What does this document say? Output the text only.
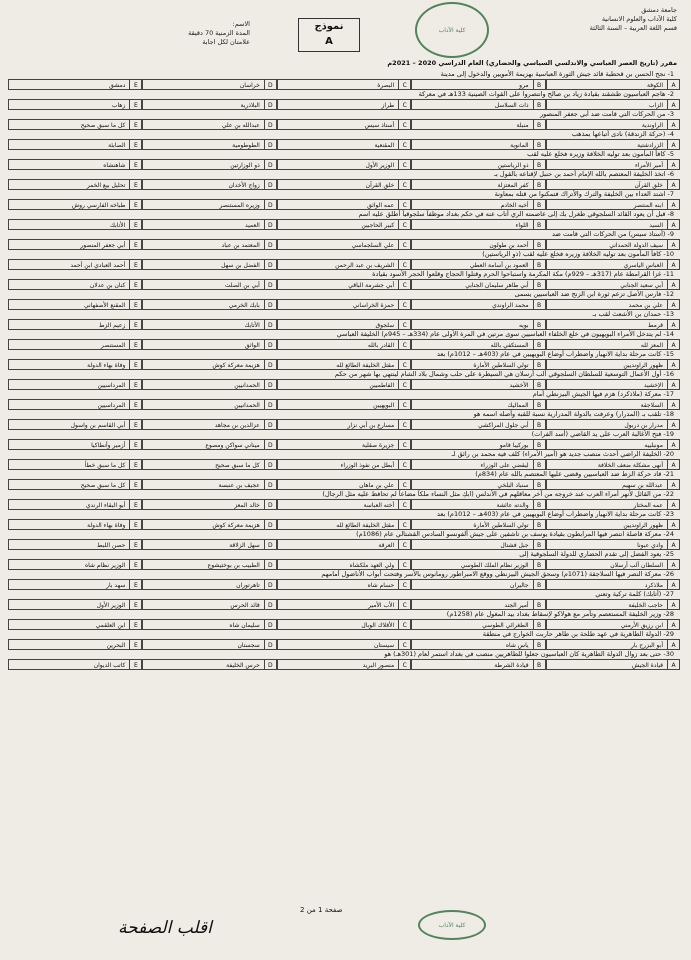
جامعة دمشق
كلية الآداب والعلوم الانسانية
قسم اللغة العربية – السنة الثالثة
كلية الآداب
نموذج
A
الاسم:
المدة الزمنية 70 دقيقة
علامتان لكل اجابة
مقرر (تاريخ العصر العباسي والاندلسي السياسي والحضاري) العام الدراسي 2020 – 2021م
1- نجح الحسن بن قحطبة قائد جيش الثورة العباسية بهزيمة الأمويين والدخول إلى مدينة
A
الكوفة
B
مرو
C
البصرة
D
خراسان
E
دمشق
2- هاجم العباسيون طشقند بقيادة زياد بن صالح وانتصروا على القوات الصينية 133هـ في معركة
A
الزاب
B
ذات السلاسل
C
طراز
D
البلاذرية
E
زهاب
3- من الحركات التي قامت ضد أبي جعفر المنصور
A
الراوندية
B
منبلة
C
أستاذ سيس
D
عبدالله بن علي
E
كل ما سبق صحيح
4- (حركة الزندقة) نادى أتباعها بمذهب
A
الزرادشتية
B
المانوية
C
المقنعية
D
الطوطومية
E
الصابئة
5- كافأ المأمون بعد توليه الخلافة وزيره فخلع عليه لقب
A
أمير الأمراء
B
ذو الرياستين
C
الوزير الأول
D
ذو الوزارتين
E
شاهنشاه
6- اتخذ الخليفة المعتصم بالله الإمام أحمد بن حنبل لإقناعه بالقول بـ
A
خلق القرآن
B
كفر المعتزلة
C
خلق القرآن
D
زواج الأخدان
E
تحليل بيع الخمر
7- اشتد العداء بين الخليفة والترك والأتراك فتمكنوا من قتله بمعاونة
A
ابنه المنتصر
B
أخيه الخادم
C
عمه الواثق
D
وزيره المستنصر
E
طباخه الفارسي روش
8- قبل أن يعود القائد السلجوقي طغرل بك إلى عاصمته الري أتاب عنه في حكم بغداد موظفاً سلجوقياً أطلق عليه اسم
A
السيد
B
اللواء
C
كبير الحاجبين
D
العميد
E
الأتابك
9- (أستاذ سيس) من الحركات التي قامت ضد
A
سيف الدولة الحمداني
B
أحمد بن طولون
C
علي السلجماسي
D
المعتمد بن عباد
E
أبي جعفر المنصور
10- كافأ المأمون بعد توليه الخلافة وزيره فخلع عليه لقب (ذو الرياستين)
A
العباس الياسري
B
العمود بن أسامة العطي
C
الشريف بن عبد الرحمن
D
الفضل بن سهل
E
أحمد العبادي ابن أحمد
11- غزا القرامطة عام (317هـ – 929م) مكة المكرمة واستباحوا الحرم وقتلوا الحجاج وقلعوا الحجر الأسود بقيادة
A
أبي سعيد الجنابي
B
أبي طاهر سليمان الجنابي
C
أبي جشرمة الباقي
D
أبي بن الصلت
E
كنان بن عدلان
12- فارس الأصل تزعم ثورة ابن الزنج ضد العباسيين يسمى
A
علي بن محمد
B
محمد الراوندي
C
حمزة الخراساني
D
بابك الخرمي
E
المقنع الأصفهاني
13- حمدان بن الأشعث لقب بـ
A
قرمط
B
بويه
C
سلجوق
D
الأتابك
E
زعيم الزط
14- لم يتدخل الأمراء البويهيون في خلع الخلفاء العباسيين سوى مرتين في المرة الأولى عام (334هـ – 945م) الخليفة العباسي
A
المعز لله
B
المستكفي بالله
C
القادر بالله
D
الواثق
E
المستنصر
15- كانت مرحلة بداية الانهيار واضطراب أوضاع البويهيين في عام (403هـ – 1012م) بعد
A
ظهور الراونديين
B
تولي السلاطين الأمارة
C
مقتل الخليفة الطائع لله
D
هزيمة معركة كوش
E
وفاة بهاء الدولة
16- أول الأعمال التوسعية للسلطان السلجوقي ألب أرسلان هي السيطرة على حلب وشمال بلاد الشام لينتهي بها شهر من حكم
A
الإخشيد
B
الأخشيد
C
الفاطميين
D
الحمدانيين
E
المرداسيين
17- معركة (ملاذكرد) هزم فيها الجيش البيزنطي أمام
A
السلاجقة
B
المماليك
C
البويهيين
D
الحمدانيين
E
المرداسيين
18- تلقب بـ (المدرار) وعرفت بالدولة المدرارية نسبة للقبه وأصله اسمه هو
A
مدرار بن دربول
B
أبي جلول المراكشي
C
مسارع بن أبي نزار
D
عزالدين بن مجاهد
E
أبي القاسم بن واسول
19- فتح الأغالبة العرب على يد القاضي (أسد الفرات)
A
مونبلييه
B
بوركيبا قامو
C
جزيرة صقلية
D
ميناني سواكن ومصوع
E
أزمير وأنطاكيا
20- الخليفة الراضي أحدث منصب جديد هو (أمير الأمراء) كلف فيه محمد بن رائق لـ
A
أنهى مشكلة ضعف الخلافة
B
ليقضي على الوزراء
C
أبطل من نفوذ الوزراء
D
كل ما سبق صحيح
E
كل ما سبق خطأ
21- قاد حركة الزط ضد العباسيين وقضى عليها المعتصم بالله عام (834م)
A
عبدالله بن سهيم
B
سنباد البلخي
C
علي بن ماهان
D
عجيف بن عنبسة
E
كل ما سبق صحيح
22- من القائل لأنهر أمراء العرب عند خروجه من آخر معاقلهم في الأندلس (ابكِ مثل النساء ملكاً مضاعاً لم تحافظ عليه مثل الرجال)
A
عمه المختار
B
والدته عائشة
C
أخته العباسة
D
خالد المعز
E
أبو البقاء الرندي
23- كانت مرحلة بداية الانهيار واضطراب أوضاع البويهيين في عام (403هـ – 1012م) بعد
A
ظهور الراونديين
B
تولي السلاطين الأمارة
C
مقتل الخليفة الطائع لله
D
هزيمة معركة كوش
E
وفاة بهاء الدولة
24- معركة فاصلة انتصر فيها المرابطون بقيادة يوسف بن تاشفين على جيش ألفونسو السادس القشتالي عام (1086م)
A
وادي عبونا
B
جبل فشتال
C
العرقة
D
سهل الزلاقة
E
حصن اللبط
25- يعود الفضل إلى تقدم الحضاري للدولة السلجوقية إلى
A
السلطان ألب أرسلان
B
الوزير نظام الملك الطوسي
C
ولي العهد ملكشاه
D
الطبيب بن بوختيشوع
E
الوزير نظام شاه
26- معركة النصر فيها السلاجقة (1071م) وسحق الجيش البيزنطي ووقع الامبراطور رومانوس بالأسر وفتحت أبواب الأناضول أمامهم
A
ملاذكرد
B
جاليران
C
حسام شاه
D
تاهرتوران
E
سهد بار
27- (أتابك) كلمة تركية وتعني
A
حاجب الخليفة
B
أمير الجند
C
الأب الأمير
D
قائد الحرس
E
الوزير الأول
28- وزير الخليفة المستعصم وتآمر مع هولاكو لإسقاط بغداد بيد المغول عام (1258م)
A
ابن رزيق الأرمني
B
الطغرائي الطوسي
C
الأقلاك الوبال
D
سليمان شاه
E
ابن العلقمي
29- الدولة الطاهرية في عهد طلحة بن طاهر حاربت الخوارج في منطقة
A
أبو البزرح بار
B
ياس شاه
C
سيستان
D
سجستان
E
البحرين
30- حتى بعد زوال الدولة الطاهرية كان العباسيون جعلوا للطاهريين منصب في بغداد استمر لعام (301هـ) هو
A
قيادة الجيش
B
قيادة الشرطة
C
منصور البريد
D
حرس الخليفة
E
كاتب الديوان
صفحة 1 من 2
اقلب الصفحة	كلية الآداب
